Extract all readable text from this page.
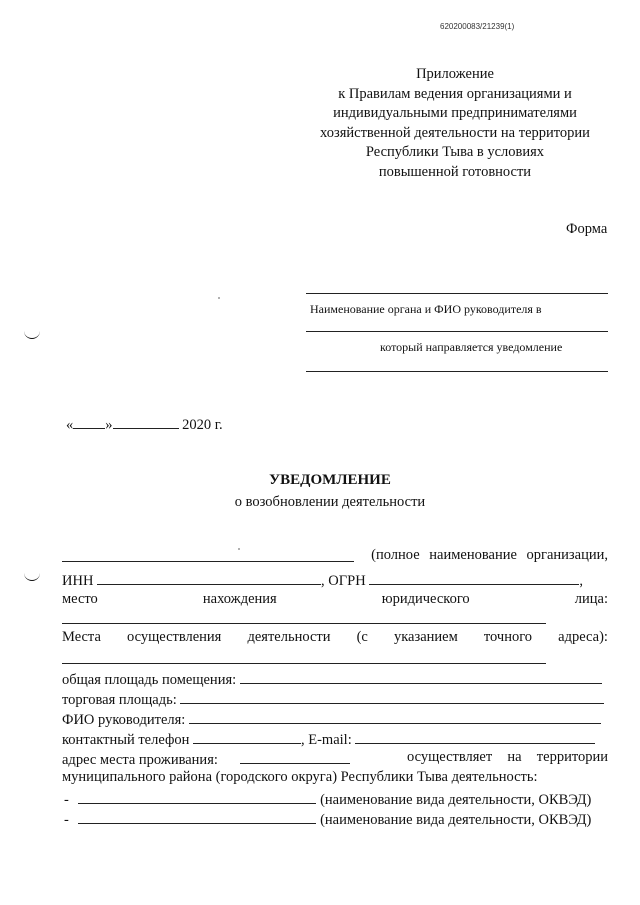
620200083/21239(1)
Приложение
к Правилам ведения организациями и
индивидуальными предпринимателями
хозяйственной деятельности на территории
Республики Тыва в условиях
повышенной готовности
Форма
Наименование органа и ФИО руководителя в
который направляется уведомление
« »	2020 г.
УВЕДОМЛЕНИЕ
о возобновлении деятельности
(полное наименование организации,
ИНН	, ОГРН	,
место	нахождения	юридического	лица:
Места осуществления деятельности (с указанием точного адреса):
общая площадь помещения:
торговая площадь:
ФИО руководителя:
контактный телефон	, E-mail:
адрес места проживания:	осуществляет на территории
муниципального района (городского округа) Республики Тыва деятельность:
-	(наименование вида деятельности, ОКВЭД)
-	(наименование вида деятельности, ОКВЭД)
